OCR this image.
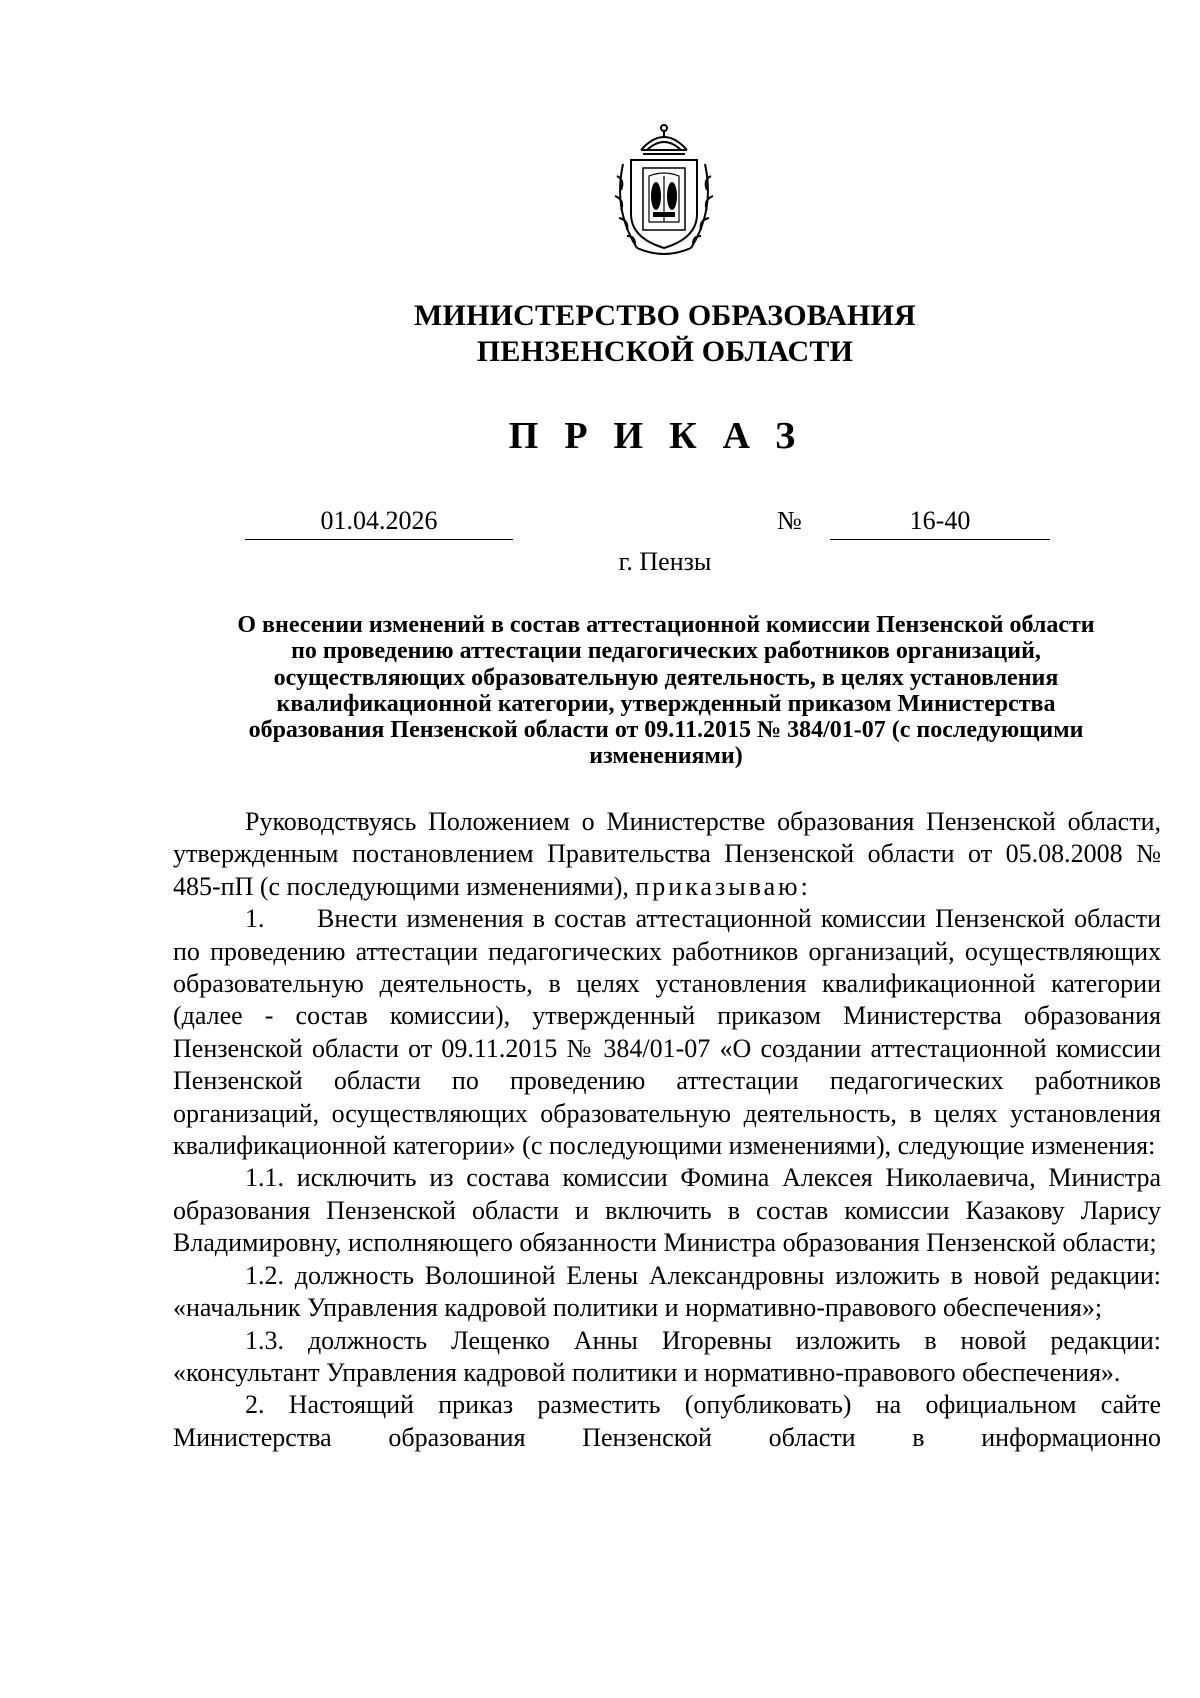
МИНИСТЕРСТВО ОБРАЗОВАНИЯ
ПЕНЗЕНСКОЙ ОБЛАСТИ
ПРИКАЗ
01.04.2026	№	16-40
г. Пензы
О внесении изменений в состав аттестационной комиссии Пензенской области
по проведению аттестации педагогических работников организаций,
осуществляющих образовательную деятельность, в целях установления
квалификационной категории, утвержденный приказом Министерства
образования Пензенской области от 09.11.2015 № 384/01-07 (с последующими
изменениями)

Руководствуясь Положением о Министерстве образования Пензенской области, утвержденным постановлением Правительства Пензенской области от 05.08.2008 № 485-пП (с последующими изменениями), приказываю:

1. Внести изменения в состав аттестационной комиссии Пензенской области по проведению аттестации педагогических работников организаций, осуществляющих образовательную деятельность, в целях установления квалификационной категории (далее - состав комиссии), утвержденный приказом Министерства образования Пензенской области от 09.11.2015 № 384/01-07 «О создании аттестационной комиссии Пензенской области по проведению аттестации педагогических работников организаций, осуществляющих образовательную деятельность, в целях установления квалификационной категории» (с последующими изменениями), следующие изменения:

1.1. исключить из состава комиссии Фомина Алексея Николаевича, Министра образования Пензенской области и включить в состав комиссии Казакову Ларису Владимировну, исполняющего обязанности Министра образования Пензенской области;

1.2. должность Волошиной Елены Александровны изложить в новой редакции: «начальник Управления кадровой политики и нормативно-правового обеспечения»;

1.3. должность Лещенко Анны Игоревны изложить в новой редакции: «консультант Управления кадровой политики и нормативно-правового обеспечения».

2. Настоящий приказ разместить (опубликовать) на официальном сайте Министерства образования Пензенской области в информационно
